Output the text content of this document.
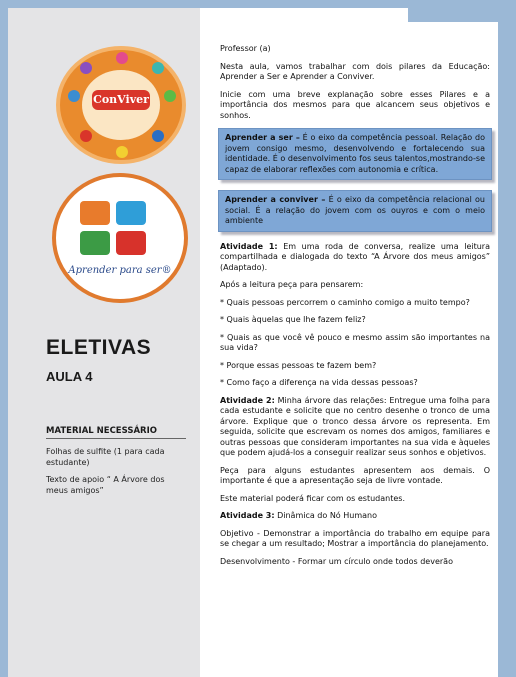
ConViver
Aprender para ser®
ELETIVAS
AULA 4
MATERIAL NECESSÁRIO
Folhas de sulfite (1 para cada estudante)
Texto de apoio “ A Árvore dos meus amigos”

Professor (a)

Nesta aula, vamos trabalhar com dois pilares da Educação: Aprender a Ser e Aprender a Conviver.

Inicie com uma breve explanação sobre esses Pilares e a importância dos mesmos para que alcancem seus objetivos e sonhos.

Aprender a ser – É o eixo da competência pessoal. Relação do jovem consigo mesmo, desenvolvendo e fortalecendo sua identidade. É o desenvolvimento fos seus talentos,mostrando-se capaz de elaborar reflexões com autonomia e crítica.

Aprender a conviver – É o eixo da competência relacional ou social. É a relação do jovem com os ouyros e com o meio ambiente

Atividade 1: Em uma roda de conversa, realize uma leitura compartilhada e dialogada do texto “A Árvore dos meus amigos” (Adaptado).

Após a leitura peça para pensarem:

* Quais pessoas percorrem o caminho comigo a muito tempo?

* Quais àquelas que lhe fazem feliz?

* Quais as que você vê pouco e mesmo assim são importantes na sua vida?

* Porque essas pessoas te fazem bem?

* Como faço a diferença na vida dessas pessoas?

Atividade 2: Minha árvore das relações: Entregue uma folha para cada estudante e solicite que no centro desenhe o tronco de uma árvore. Explique que o tronco dessa árvore os representa. Em seguida, solicite que escrevam os nomes dos amigos, familiares e outras pessoas que consideram importantes na sua vida e àqueles que podem ajudá-los a conseguir realizar seus sonhos e objetivos.

Peça para alguns estudantes apresentem aos demais. O importante é que a apresentação seja de livre vontade.

Este material poderá ficar com os estudantes.

Atividade 3: Dinâmica do Nó Humano

Objetivo - Demonstrar a importância do trabalho em equipe para se chegar a um resultado; Mostrar a importância do planejamento.

Desenvolvimento - Formar um círculo onde todos deverão
